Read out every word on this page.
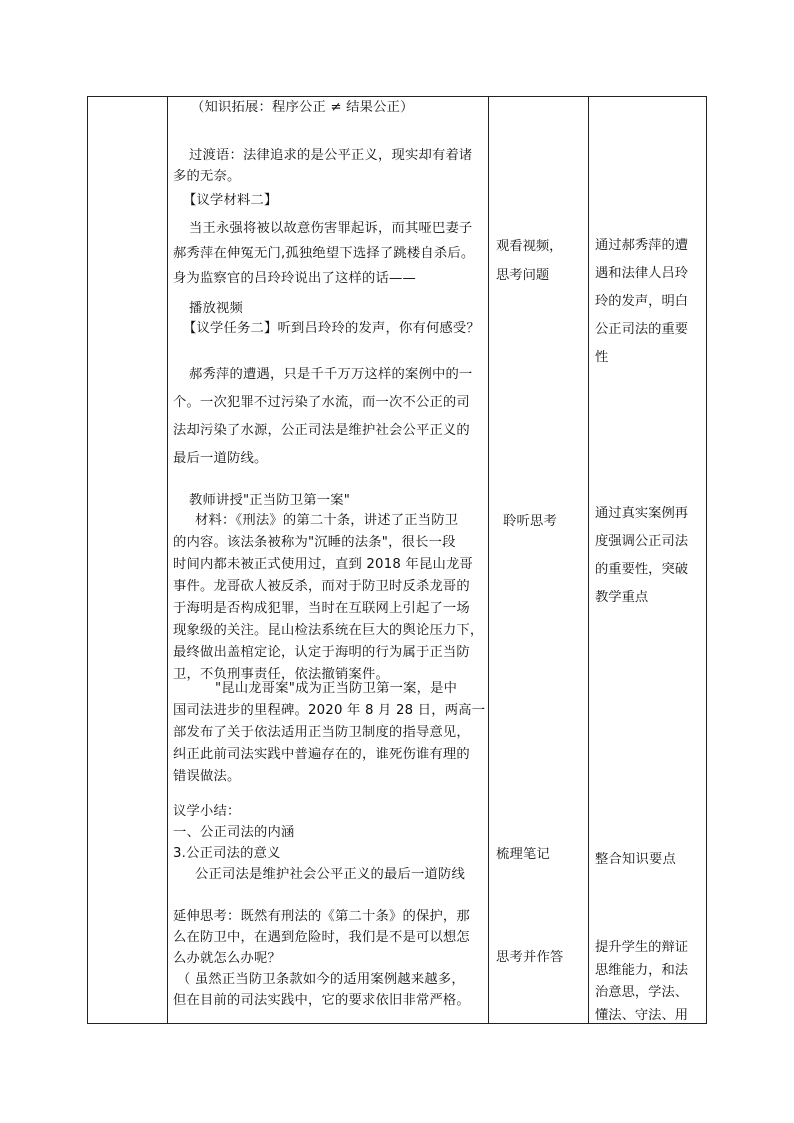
（知识拓展：程序公正 ≠ 结果公正）

过渡语：法律追求的是公平正义，现实却有着诸

多的无奈。

【议学材料二】

当王永强将被以故意伤害罪起诉，而其哑巴妻子

郝秀萍在伸冤无门,孤独绝望下选择了跳楼自杀后。

身为监察官的吕玲玲说出了这样的话——

播放视频

【议学任务二】听到吕玲玲的发声，你有何感受？

郝秀萍的遭遇，只是千千万万这样的案例中的一

个。一次犯罪不过污染了水流，而一次不公正的司

法却污染了水源，公正司法是维护社会公平正义的

最后一道防线。

教师讲授"正当防卫第一案"

材料：《刑法》的第二十条，讲述了正当防卫

的内容。该法条被称为"沉睡的法条"，很长一段

时间内都未被正式使用过，直到 2018 年昆山龙哥

事件。龙哥砍人被反杀，而对于防卫时反杀龙哥的

于海明是否构成犯罪，当时在互联网上引起了一场

现象级的关注。昆山检法系统在巨大的舆论压力下，

最终做出盖棺定论，认定于海明的行为属于正当防

卫，不负刑事责任，依法撤销案件。

"昆山龙哥案"成为正当防卫第一案，是中

国司法进步的里程碑。2020 年 8 月 28 日，两高一

部发布了关于依法适用正当防卫制度的指导意见，

纠正此前司法实践中普遍存在的，谁死伤谁有理的

错误做法。

议学小结：

一、公正司法的内涵

3.公正司法的意义

公正司法是维护社会公平正义的最后一道防线

延伸思考：既然有刑法的《第二十条》的保护，那

么在防卫中，在遇到危险时，我们是不是可以想怎

么办就怎么办呢？

（ 虽然正当防卫条款如今的适用案例越来越多，

但在目前的司法实践中，它的要求依旧非常严格。

观看视频，
思考问题

聆听思考

梳理笔记

思考并作答

通过郝秀萍的遭
遇和法律人吕玲
玲的发声，明白
公正司法的重要
性
通过真实案例再
度强调公正司法
的重要性，突破
教学重点

整合知识要点

提升学生的辩证
思维能力，和法
治意思，学法、
懂法、守法、用
